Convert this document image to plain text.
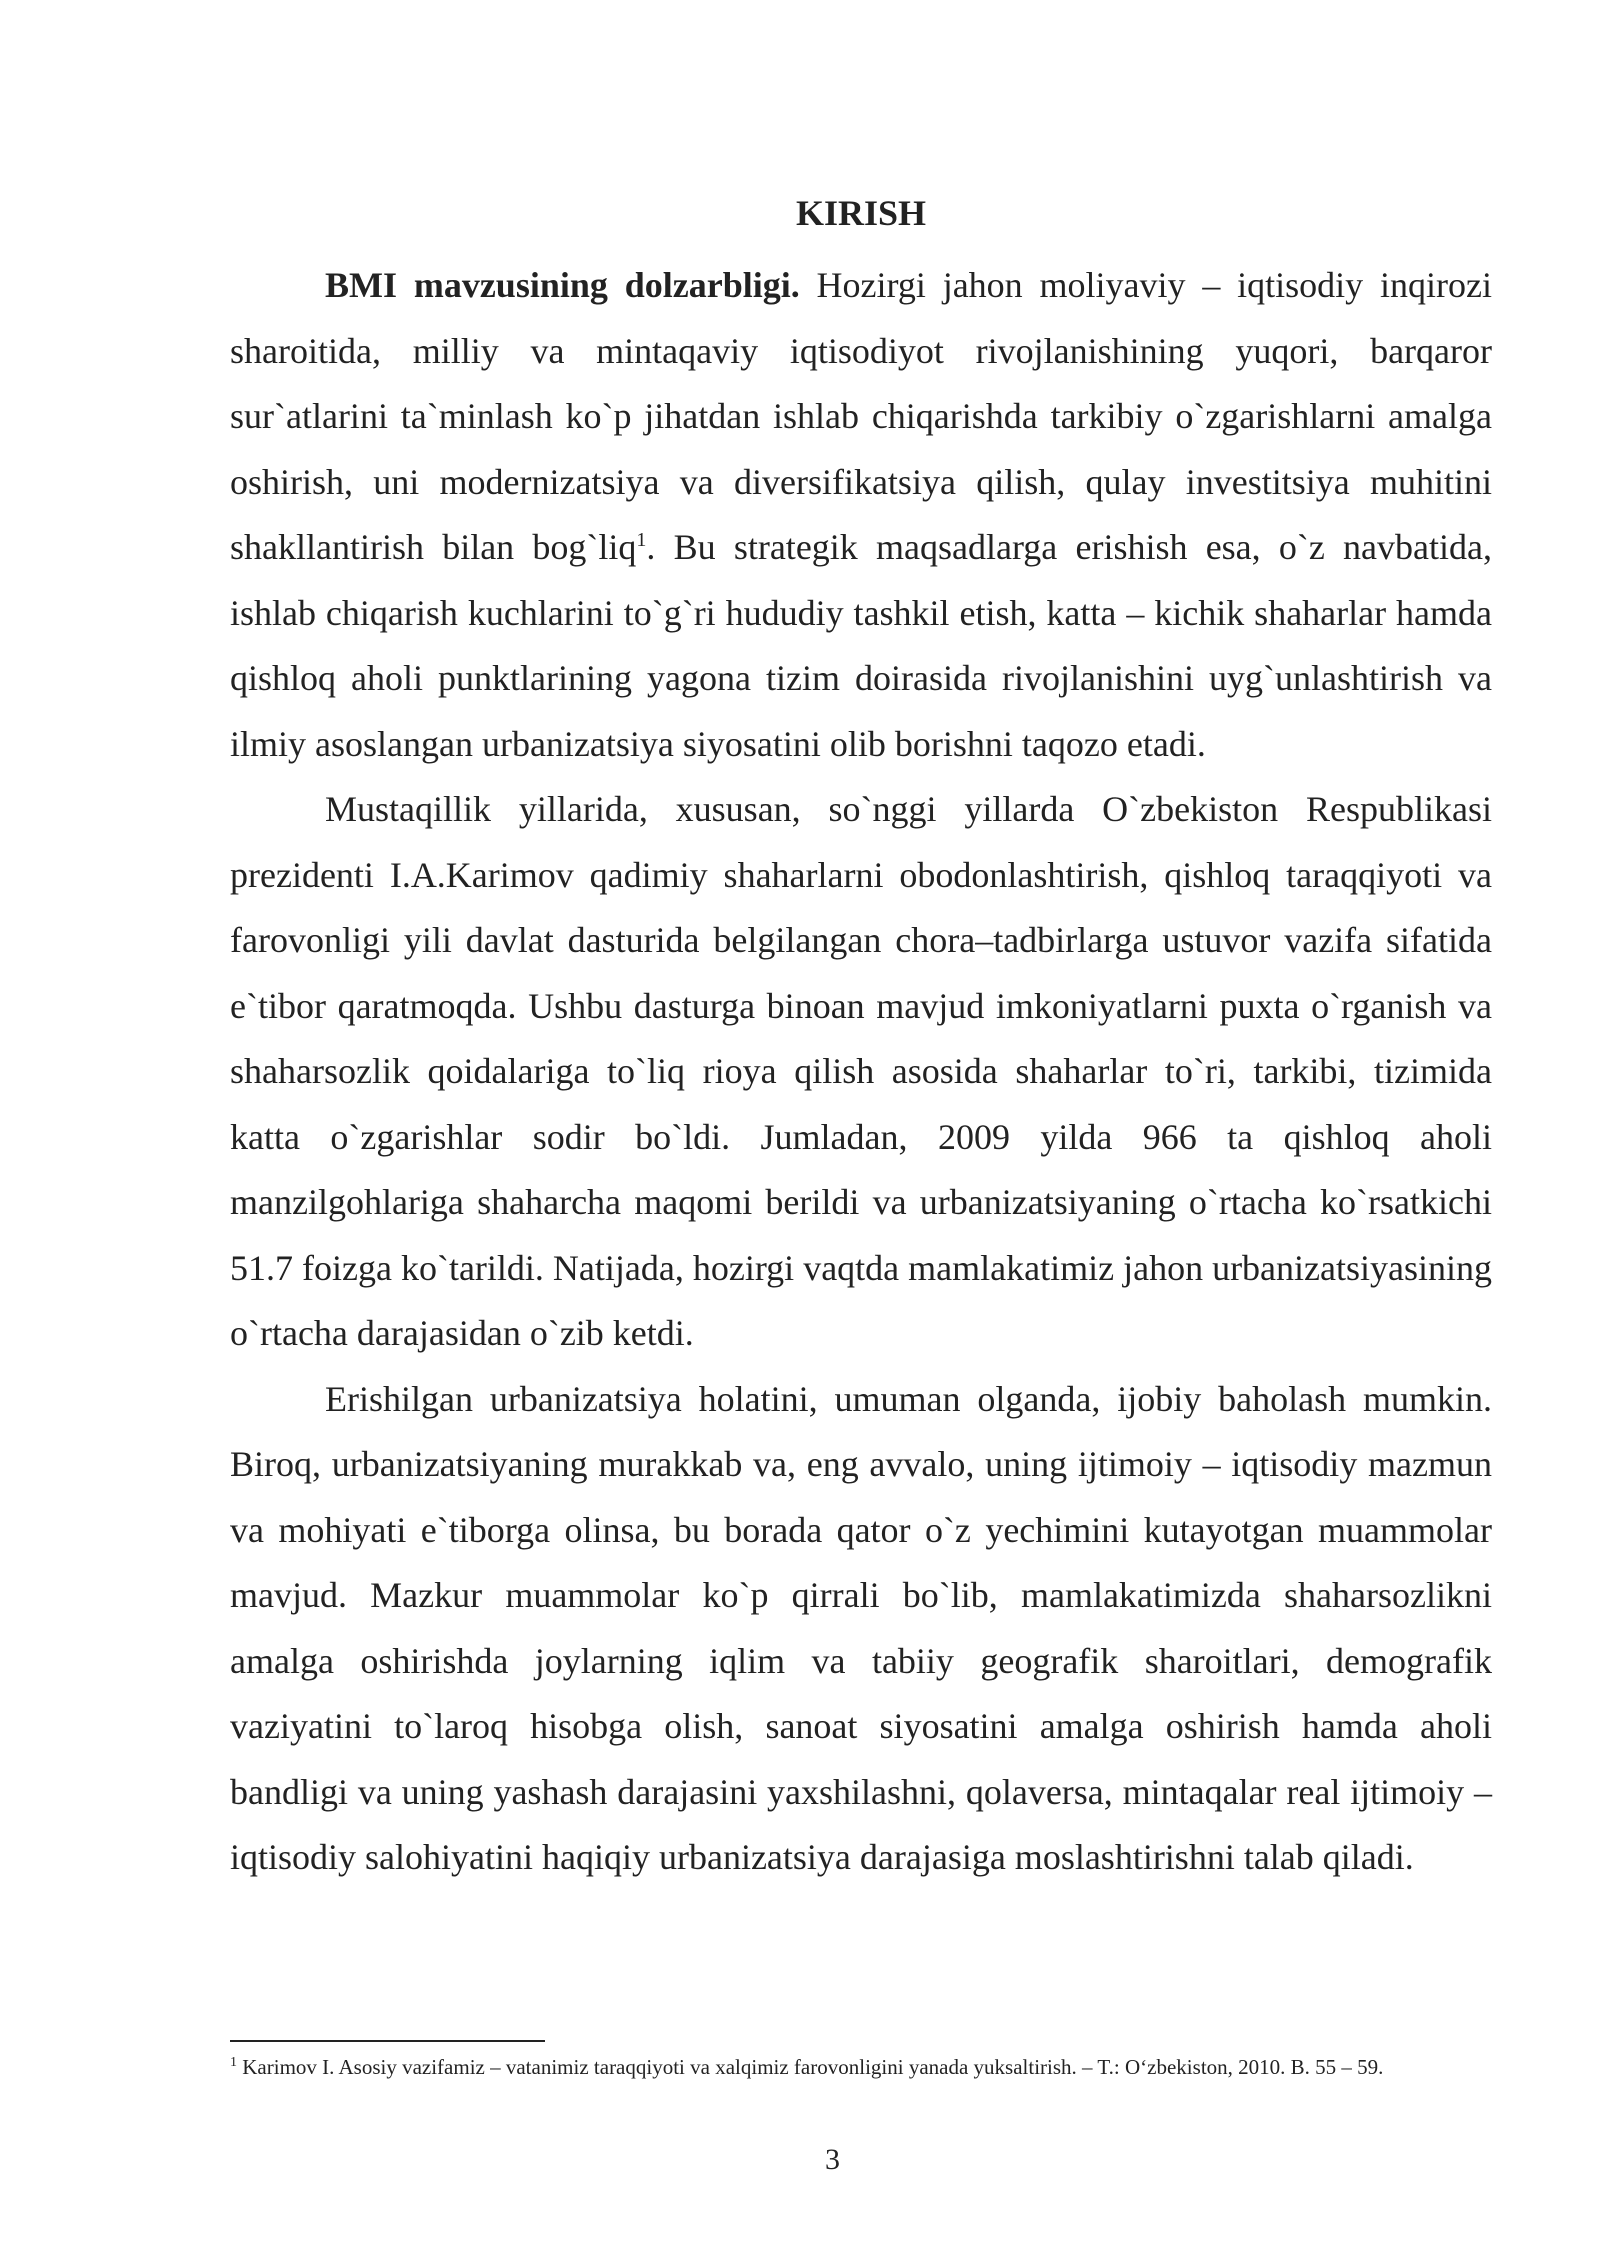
KIRISH

BMI mavzusining dolzarbligi. Hozirgi jahon moliyaviy – iqtisodiy inqirozi sharoitida, milliy va mintaqaviy iqtisodiyot rivojlanishining yuqori, barqaror sur`atlarini ta`minlash ko`p jihatdan ishlab chiqarishda tarkibiy o`zgarishlarni amalga oshirish, uni modernizatsiya va diversifikatsiya qilish, qulay investitsiya muhitini shakllantirish bilan bog`liq$^1$. Bu strategik maqsadlarga erishish esa, o`z navbatida, ishlab chiqarish kuchlarini to`g`ri hududiy tashkil etish, katta – kichik shaharlar hamda qishloq aholi punktlarining yagona tizim doirasida rivojlanishini uyg`unlashtirish va ilmiy asoslangan urbanizatsiya siyosatini olib borishni taqozo etadi.

Mustaqillik yillarida, xususan, so`nggi yillarda O`zbekiston Respublikasi prezidenti I.A.Karimov qadimiy shaharlarni obodonlashtirish, qishloq taraqqiyoti va farovonligi yili davlat dasturida belgilangan chora–tadbirlarga ustuvor vazifa sifatida e`tibor qaratmoqda. Ushbu dasturga binoan mavjud imkoniyatlarni puxta o`rganish va shaharsozlik qoidalariga to`liq rioya qilish asosida shaharlar to`ri, tarkibi, tizimida katta o`zgarishlar sodir bo`ldi. Jumladan, 2009 yilda 966 ta qishloq aholi manzilgohlariga shaharcha maqomi berildi va urbanizatsiyaning o`rtacha ko`rsatkichi 51.7 foizga ko`tarildi. Natijada, hozirgi vaqtda mamlakatimiz jahon urbanizatsiyasining o`rtacha darajasidan o`zib ketdi.

Erishilgan urbanizatsiya holatini, umuman olganda, ijobiy baholash mumkin. Biroq, urbanizatsiyaning murakkab va, eng avvalo, uning ijtimoiy – iqtisodiy mazmun va mohiyati e`tiborga olinsa, bu borada qator o`z yechimini kutayotgan muammolar mavjud. Mazkur muammolar ko`p qirrali bo`lib, mamlakatimizda shaharsozlikni amalga oshirishda joylarning iqlim va tabiiy geografik sharoitlari, demografik vaziyatini to`laroq hisobga olish, sanoat siyosatini amalga oshirish hamda aholi bandligi va uning yashash darajasini yaxshilashni, qolaversa, mintaqalar real ijtimoiy –iqtisodiy salohiyatini haqiqiy urbanizatsiya darajasiga moslashtirishni talab qiladi.

$^1$ Karimov I. Asosiy vazifamiz – vatanimiz taraqqiyoti va xalqimiz farovonligini yanada yuksaltirish. – T.: O‘zbekiston, 2010. B. 55 – 59.
3
